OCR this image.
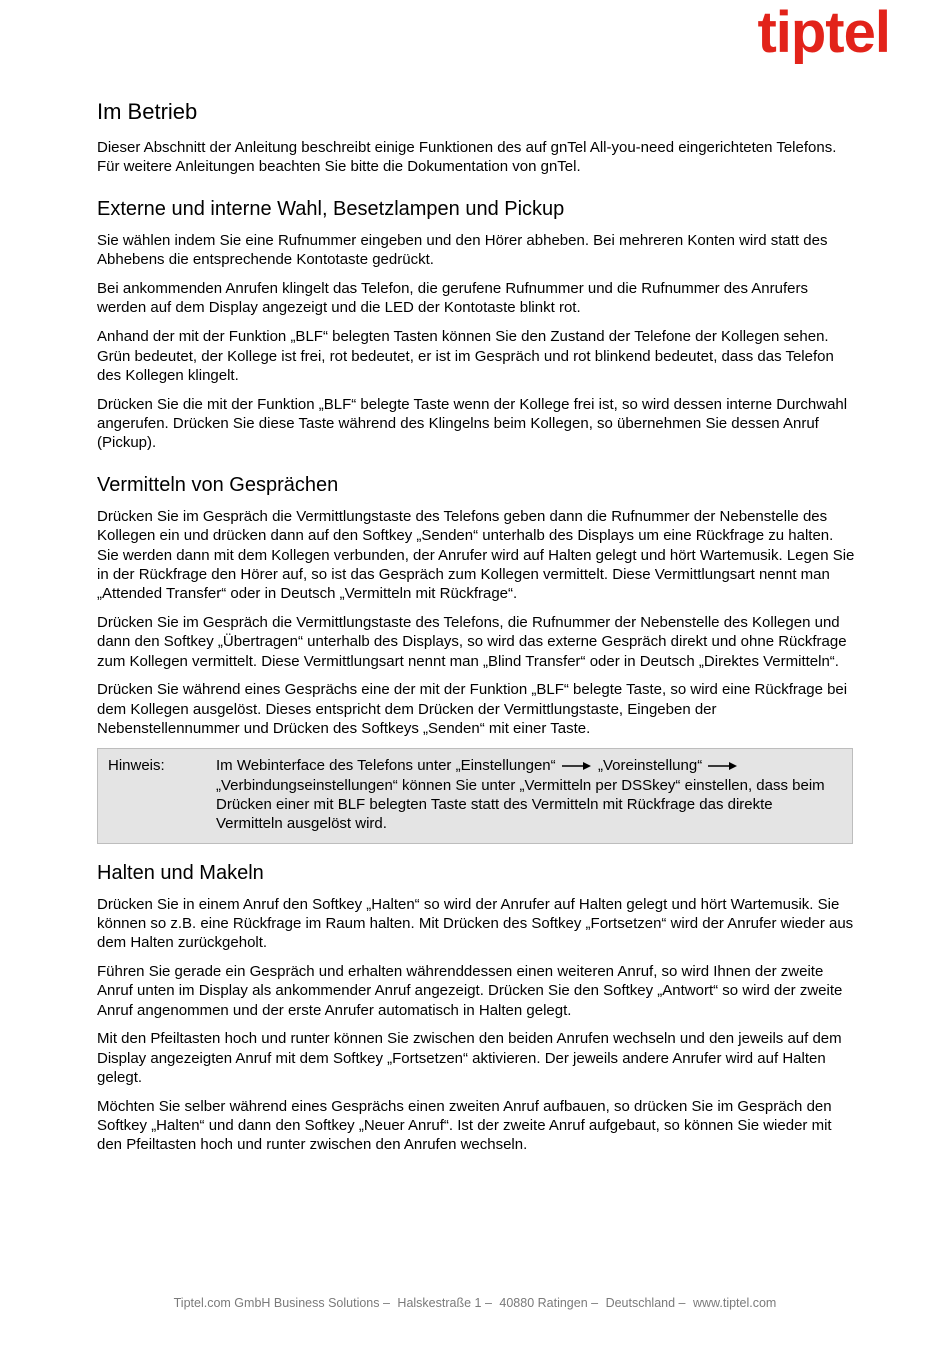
tiptel
Im Betrieb

Dieser Abschnitt der Anleitung beschreibt einige Funktionen des auf gnTel All-you-need eingerichteten Telefons. Für weitere Anleitungen beachten Sie bitte die Dokumentation von gnTel.

Externe und interne Wahl, Besetzlampen und Pickup

Sie wählen indem Sie eine Rufnummer eingeben und den Hörer abheben. Bei mehreren Konten wird statt des Abhebens die entsprechende Kontotaste gedrückt.

Bei ankommenden Anrufen klingelt das Telefon, die gerufene Rufnummer und die Rufnummer des Anrufers werden auf dem Display angezeigt und die LED der Kontotaste blinkt rot.

Anhand der mit der Funktion „BLF“ belegten Tasten können Sie den Zustand der Telefone der Kollegen sehen. Grün bedeutet, der Kollege ist frei, rot bedeutet, er ist im Gespräch und rot blinkend bedeutet, dass das Telefon des Kollegen klingelt.

Drücken Sie die mit der Funktion „BLF“ belegte Taste wenn der Kollege frei ist, so wird dessen interne Durchwahl angerufen. Drücken Sie diese Taste während des Klingelns beim Kollegen, so übernehmen Sie dessen Anruf (Pickup).

Vermitteln von Gesprächen

Drücken Sie im Gespräch die Vermittlungstaste des Telefons geben dann die Rufnummer der Nebenstelle des Kollegen ein und drücken dann auf den Softkey „Senden“ unterhalb des Displays um eine Rückfrage zu halten. Sie werden dann mit dem Kollegen verbunden, der Anrufer wird auf Halten gelegt und hört Wartemusik. Legen Sie in der Rückfrage den Hörer auf, so ist das Gespräch zum Kollegen vermittelt. Diese Vermittlungsart nennt man „Attended Transfer“ oder in Deutsch „Vermitteln mit Rückfrage“.

Drücken Sie im Gespräch die Vermittlungstaste des Telefons, die Rufnummer der Nebenstelle des Kollegen und dann den Softkey „Übertragen“ unterhalb des Displays, so wird das externe Gespräch direkt und ohne Rückfrage zum Kollegen vermittelt. Diese Vermittlungsart nennt man „Blind Transfer“ oder in Deutsch „Direktes Vermitteln“.

Drücken Sie während eines Gesprächs eine der mit der Funktion „BLF“ belegte Taste, so wird eine Rückfrage bei dem Kollegen ausgelöst. Dieses entspricht dem Drücken der Vermittlungstaste, Eingeben der Nebenstellennummer und Drücken des Softkeys „Senden“ mit einer Taste.

Hinweis:	Im Webinterface des Telefons unter „Einstellungen“	„Voreinstellung“  „Verbindungseinstellungen“ können Sie unter „Vermitteln per DSSkey“ einstellen, dass beim Drücken einer mit BLF belegten Taste statt des Vermitteln mit Rückfrage das direkte Vermitteln ausgelöst wird.
Halten und Makeln

Drücken Sie in einem Anruf den Softkey „Halten“ so wird der Anrufer auf Halten gelegt und hört Wartemusik. Sie können so z.B. eine Rückfrage im Raum halten. Mit Drücken des Softkey „Fortsetzen“ wird der Anrufer wieder aus dem Halten zurückgeholt.

Führen Sie gerade ein Gespräch und erhalten währenddessen einen weiteren Anruf, so wird Ihnen der zweite Anruf unten im Display als ankommender Anruf angezeigt. Drücken Sie den Softkey „Antwort“ so wird der zweite Anruf angenommen und der erste Anrufer automatisch in Halten gelegt.

Mit den Pfeiltasten hoch und runter können Sie zwischen den beiden Anrufen wechseln und den jeweils auf dem Display angezeigten Anruf mit dem Softkey „Fortsetzen“ aktivieren. Der jeweils andere Anrufer wird auf Halten gelegt.

Möchten Sie selber während eines Gesprächs einen zweiten Anruf aufbauen, so drücken Sie im Gespräch den Softkey „Halten“ und dann den Softkey „Neuer Anruf“. Ist der zweite Anruf aufgebaut, so können Sie wieder mit den Pfeiltasten hoch und runter zwischen den Anrufen wechseln.

Tiptel.com GmbH Business Solutions – Halskestraße 1 – 40880 Ratingen – Deutschland – www.tiptel.com
